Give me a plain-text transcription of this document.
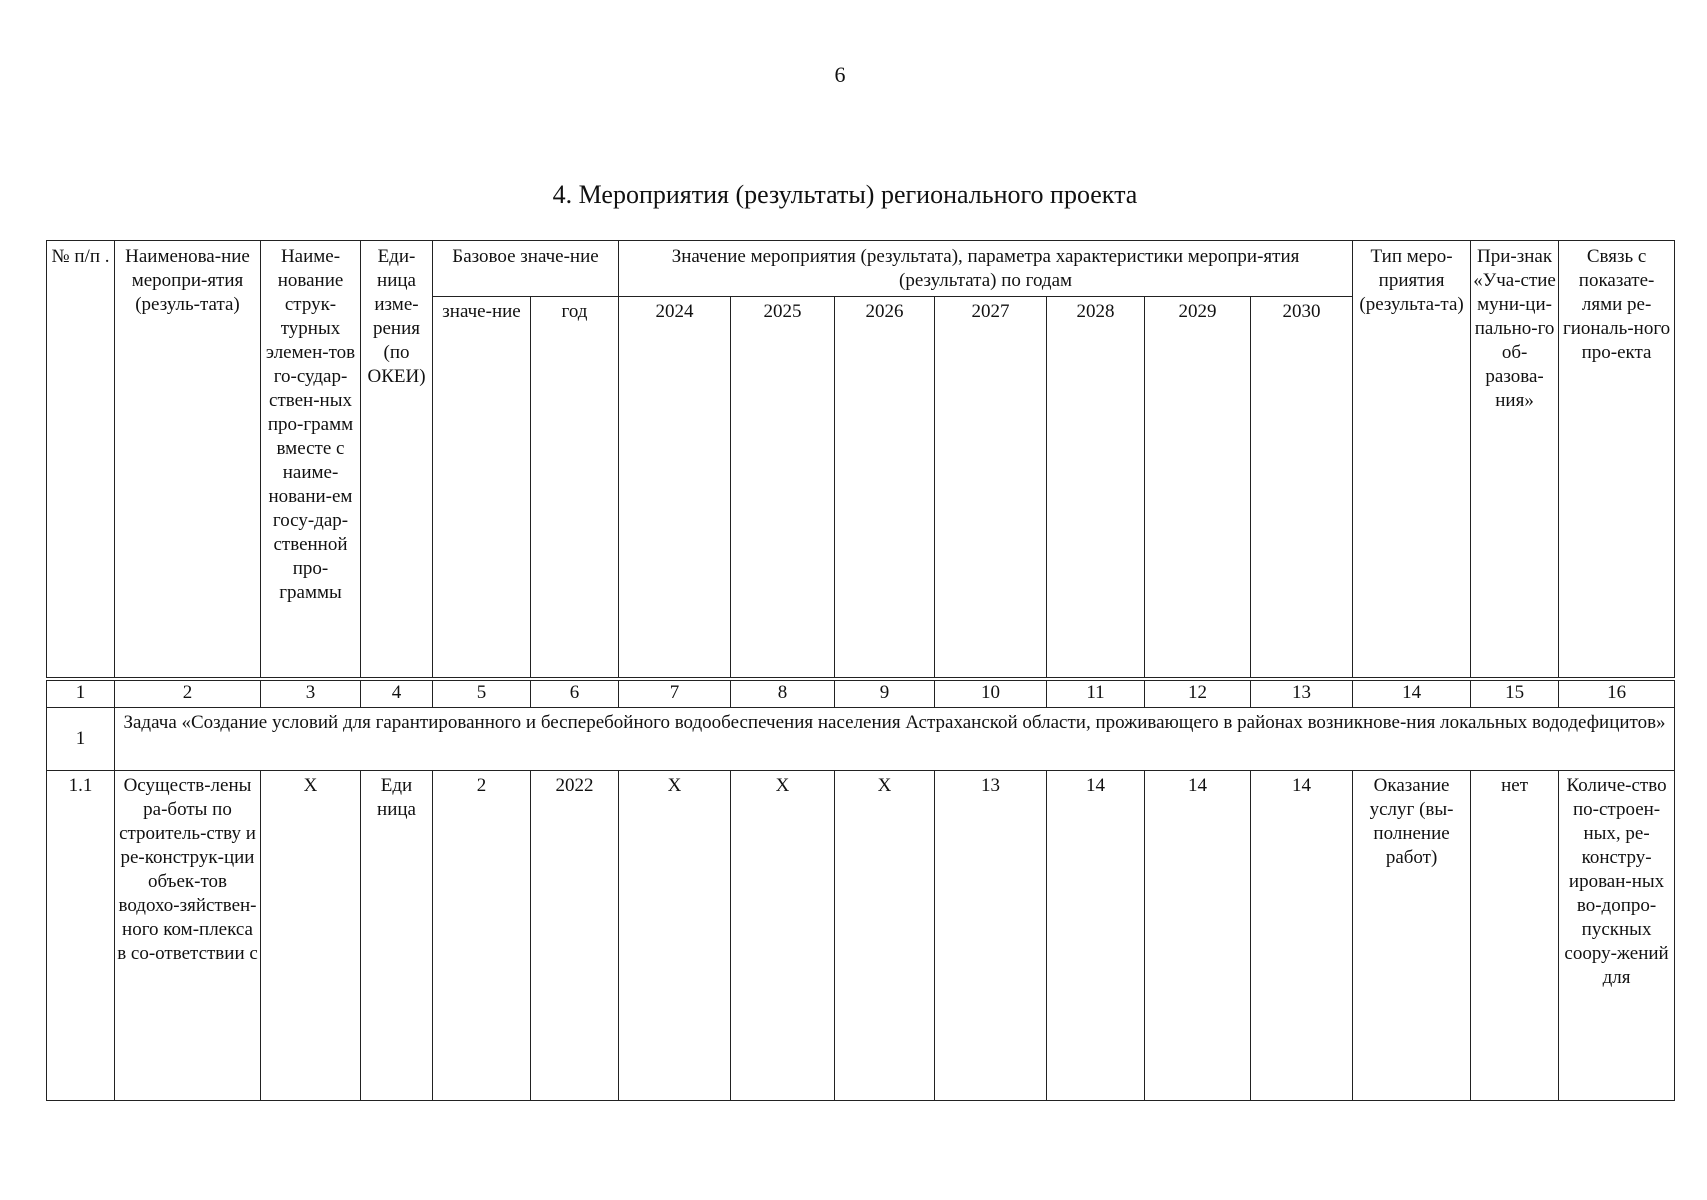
6
4. Мероприятия (результаты) регионального проекта
№ п/п .	Наименова-ние меропри-ятия (резуль-тата)	Наиме-нование струк-турных элемен-тов го-судар-ствен-ных про-грамм вместе с наиме-новани-ем госу-дар-ственной про-граммы	Еди-ница изме-рения (по ОКЕИ)	Базовое значе-ние		Значение мероприятия (результата), параметра характеристики меропри-ятия (результата) по годам							Тип меро-приятия (результа-та)	При-знак «Уча-стие муни-ци-пально-го об-разова-ния»	Связь с показате-лями ре-гиональ-ного про-екта
				значе-ние	год	2024	2025	2026	2027	2028	2029	2030			
1	2	3	4	5	6	7	8	9	10	11	12	13	14	15	16
1	Задача «Создание условий для гарантированного и бесперебойного водообеспечения населения Астраханской области, проживающего в районах возникнове-ния локальных вододефицитов»														
1.1	Осуществ-лены ра-боты по строитель-ству и ре-конструк-ции объек-тов водохо-зяйствен-ного ком-плекса в со-ответствии с	X	Еди ница	2	2022	X	X	X	13	14	14	14	Оказание услуг (вы-полнение работ)	нет	Количе-ство по-строен-ных, ре-констру-ирован-ных во-допро-пускных соору-жений для
